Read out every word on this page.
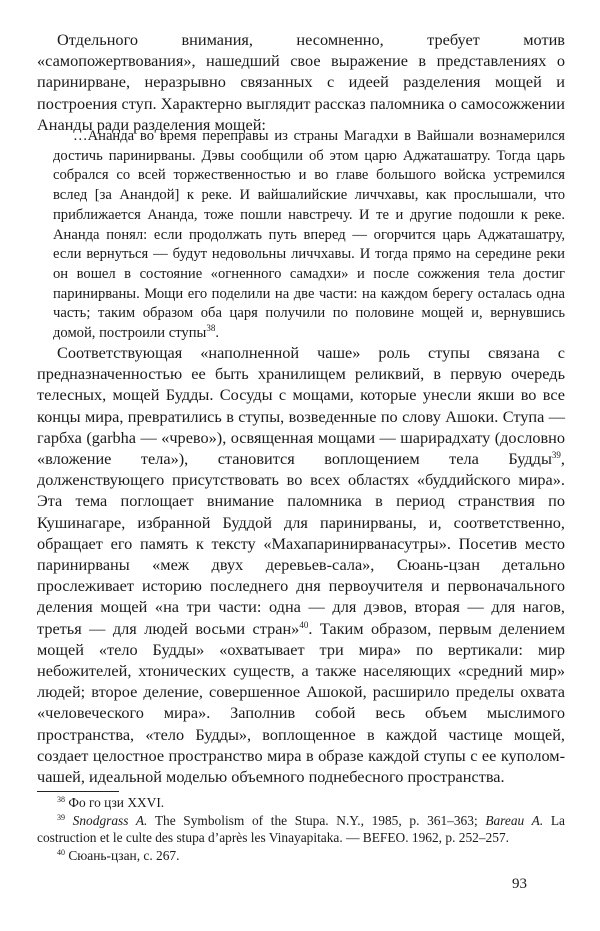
Отдельного внимания, несомненно, требует мотив «самопожертвования», нашедший свое выражение в представлениях о паринирване, неразрывно связанных с идеей разделения мощей и построения ступ. Характерно выглядит рассказ паломника о самосожжении Ананды ради разделения мощей:

…Ананда во время переправы из страны Магадхи в Вайшали вознамерился достичь паринирваны. Дэвы сообщили об этом царю Аджаташатру. Тогда царь собрался со всей торжественностью и во главе большого войска устремился вслед [за Анандой] к реке. И вайшалийские личчхавы, как прослышали, что приближается Ананда, тоже пошли навстречу. И те и другие подошли к реке. Ананда понял: если продолжать путь вперед — огорчится царь Аджаташатру, если вернуться — будут недовольны личчхавы. И тогда прямо на середине реки он вошел в состояние «огненного самадхи» и после сожжения тела достиг паринирваны. Мощи его поделили на две части: на каждом берегу осталась одна часть; таким образом оба царя получили по половине мощей и, вернувшись домой, построили ступы$^{38}$.

Соответствующая «наполненной чаше» роль ступы связана с предназначенностью ее быть хранилищем реликвий, в первую очередь телесных, мощей Будды. Сосуды с мощами, которые унесли якши во все концы мира, превратились в ступы, возведенные по слову Ашоки. Ступа — гарбха (garbha — «чрево»), освященная мощами — шарирадхату (дословно «вложение тела»), становится воплощением тела Будды$^{39}$, долженствующего присутствовать во всех областях «буддийского мира». Эта тема поглощает внимание паломника в период странствия по Кушинагаре, избранной Буддой для паринирваны, и, соответственно, обращает его память к тексту «Махапаринирванасутры». Посетив место паринирваны «меж двух деревьев-сала», Сюань-цзан детально прослеживает историю последнего дня первоучителя и первоначального деления мощей «на три части: одна — для дэвов, вторая — для нагов, третья — для людей восьми стран»$^{40}$. Таким образом, первым делением мощей «тело Будды» «охватывает три мира» по вертикали: мир небожителей, хтонических существ, а также населяющих «средний мир» людей; второе деление, совершенное Ашокой, расширило пределы охвата «человеческого мира». Заполнив собой весь объем мыслимого пространства, «тело Будды», воплощенное в каждой частице мощей, создает целостное пространство мира в образе каждой ступы с ее куполом-чашей, идеальной моделью объемного поднебесного пространства.

$^{38}$ Фо го цзи XXVI.

$^{39}$ Snodgrass A. The Symbolism of the Stupa. N.Y., 1985, p. 361–363; Bareau A. La costruction et le culte des stupa d’après les Vinayapitaka. — BEFEO. 1962, p. 252–257.

$^{40}$ Сюань-цзан, с. 267.

93
